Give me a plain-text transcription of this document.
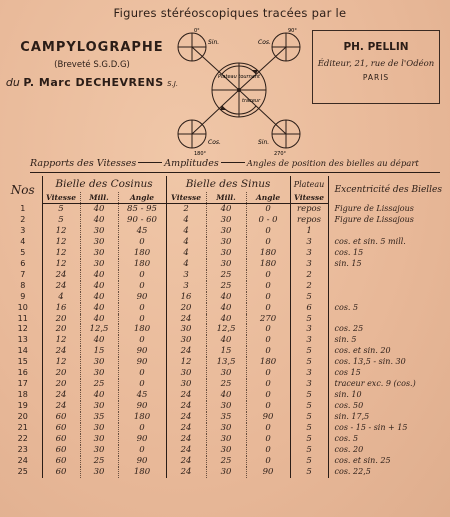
Figures stéréoscopiques tracées par le
CAMPYLOGRAPHE
(Breveté S.G.D.G)
du P. Marc DECHEVRENS S.J.
Plateau tournant
traceur
Sin.	Cos.
Cos.	Sin.
0°	90°
180°	270°
PH. PELLIN
Éditeur, 21, rue de l'Odéon
PARIS
Rapports des Vitesses	Amplitudes	Angles de position des bielles au départ
Nos	Bielle des Cosinus			Bielle des Sinus			Plateau	Excentricité des Bielles
	Vitesse	Mill.	Angle	Vitesse	Mill.	Angle	Vitesse	
1	5	40	85 - 95	2	40	0	repos	Figure de Lissajous
2	5	40	90 - 60	4	30	0 - 0	repos	Figure de Lissajous
3	12	30	45	4	30	0	1	
4	12	30	0	4	30	0	3	cos. et sin. 5 mill.
5	12	30	180	4	30	180	3	cos. 15
6	12	30	180	4	30	180	3	sin. 15
7	24	40	0	3	25	0	2	
8	24	40	0	3	25	0	2	
9	4	40	90	16	40	0	5	
10	16	40	0	20	40	0	6	cos. 5
11	20	40	0	24	40	270	5	
12	20	12,5	180	30	12,5	0	3	cos. 25
13	12	40	0	30	40	0	3	sin. 5
14	24	15	90	24	15	0	5	cos. et sin. 20
15	12	30	90	12	13,5	180	5	cos. 13,5 - sin. 30
16	20	30	0	30	30	0	3	cos 15
17	20	25	0	30	25	0	3	traceur exc. 9 (cos.)
18	24	40	45	24	40	0	5	sin. 10
19	24	30	90	24	30	0	5	cos. 50
20	60	35	180	24	35	90	5	sin. 17,5
21	60	30	0	24	30	0	5	cos - 15 - sin + 15
22	60	30	90	24	30	0	5	cos. 5
23	60	30	0	24	30	0	5	cos. 20
24	60	25	90	24	25	0	5	cos. et sin. 25
25	60	30	180	24	30	90	5	cos. 22,5
